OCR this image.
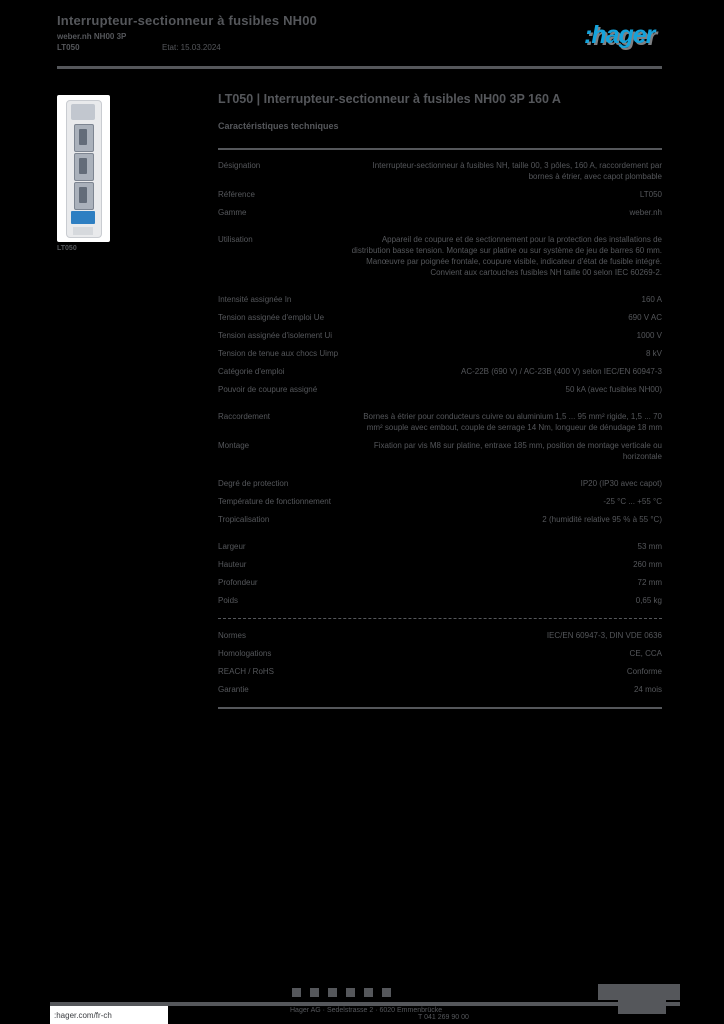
Interrupteur-sectionneur à fusibles NH00
weber.nh NH00 3P
LT050	Etat: 15.03.2024	:hager
LT050
LT050 | Interrupteur-sectionneur à fusibles NH00 3P 160 A
Caractéristiques techniques
Désignation	Interrupteur-sectionneur à fusibles NH, taille 00, 3 pôles, 160 A, raccordement par bornes à étrier, avec capot plombable
Référence	LT050
Gamme	weber.nh
Utilisation	Appareil de coupure et de sectionnement pour la protection des installations de distribution basse tension. Montage sur platine ou sur système de jeu de barres 60 mm. Manœuvre par poignée frontale, coupure visible, indicateur d'état de fusible intégré. Convient aux cartouches fusibles NH taille 00 selon IEC 60269-2.
Intensité assignée In	160 A
Tension assignée d'emploi Ue	690 V AC
Tension assignée d'isolement Ui	1000 V
Tension de tenue aux chocs Uimp	8 kV
Catégorie d'emploi	AC-22B (690 V) / AC-23B (400 V) selon IEC/EN 60947-3
Pouvoir de coupure assigné	50 kA (avec fusibles NH00)
Raccordement	Bornes à étrier pour conducteurs cuivre ou aluminium 1,5 ... 95 mm² rigide, 1,5 ... 70 mm² souple avec embout, couple de serrage 14 Nm, longueur de dénudage 18 mm
Montage	Fixation par vis M8 sur platine, entraxe 185 mm, position de montage verticale ou horizontale
Degré de protection	IP20 (IP30 avec capot)
Température de fonctionnement	-25 °C ... +55 °C
Tropicalisation	2 (humidité relative 95 % à 55 °C)
Largeur	53 mm
Hauteur	260 mm
Profondeur	72 mm
Poids	0,65 kg
Normes	IEC/EN 60947-3, DIN VDE 0636
Homologations	CE, CCA
REACH / RoHS	Conforme
Garantie	24 mois
:hager.com/fr-ch	Hager AG · Sedelstrasse 2 · 6020 Emmenbrücke
T 041 269 90 00
